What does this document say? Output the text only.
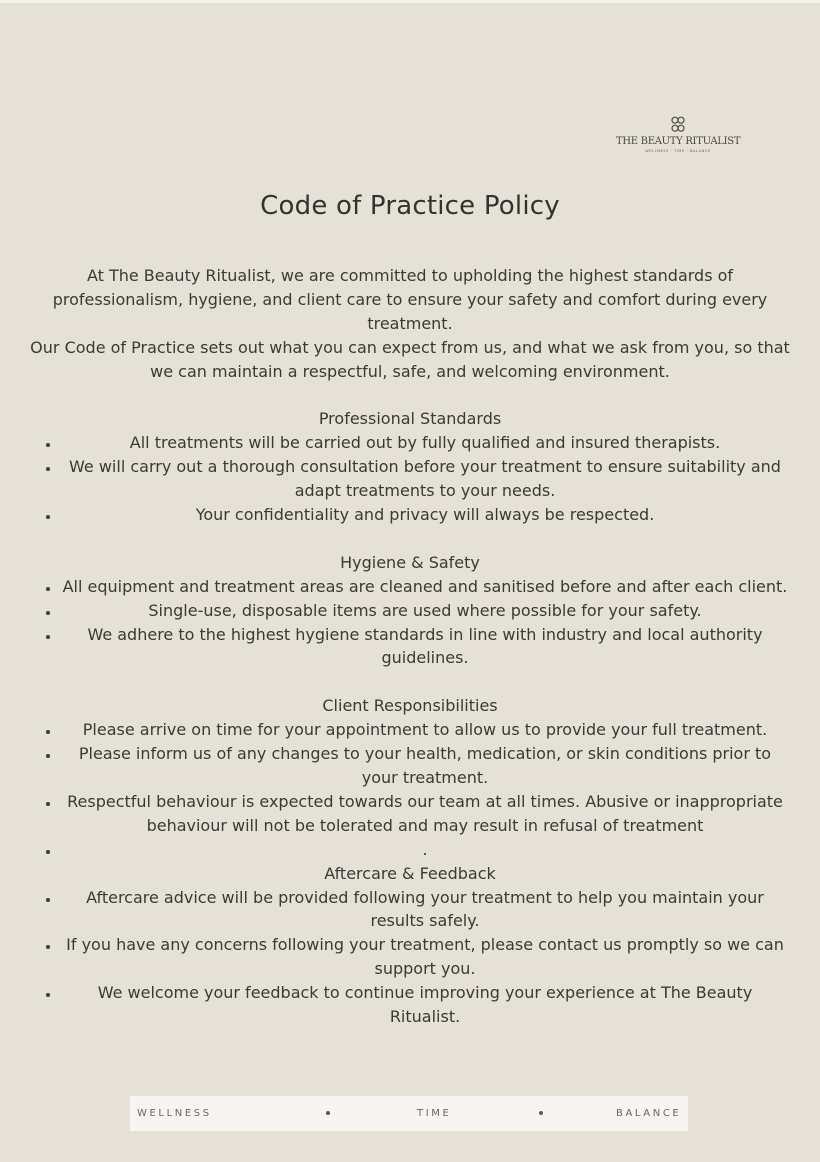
THE BEAUTY RITUALIST
WELLNESS · TIME · BALANCE
Code of Practice Policy

At The Beauty Ritualist, we are committed to upholding the highest standards of professionalism, hygiene, and client care to ensure your safety and comfort during every treatment.

Our Code of Practice sets out what you can expect from us, and what we ask from you, so that we can maintain a respectful, safe, and welcoming environment.

Professional Standards
• All treatments will be carried out by fully qualified and insured therapists.
• We will carry out a thorough consultation before your treatment to ensure suitability and adapt treatments to your needs.
• Your confidentiality and privacy will always be respected.
Hygiene & Safety
• All equipment and treatment areas are cleaned and sanitised before and after each client.
• Single-use, disposable items are used where possible for your safety.
• We adhere to the highest hygiene standards in line with industry and local authority guidelines.
Client Responsibilities
• Please arrive on time for your appointment to allow us to provide your full treatment.
• Please inform us of any changes to your health, medication, or skin conditions prior to your treatment.
• Respectful behaviour is expected towards our team at all times. Abusive or inappropriate behaviour will not be tolerated and may result in refusal of treatment
• .
Aftercare & Feedback
• Aftercare advice will be provided following your treatment to help you maintain your results safely.
• If you have any concerns following your treatment, please contact us promptly so we can support you.
• We welcome your feedback to continue improving your experience at The Beauty Ritualist.
WELLNESS	TIME	BALANCE
